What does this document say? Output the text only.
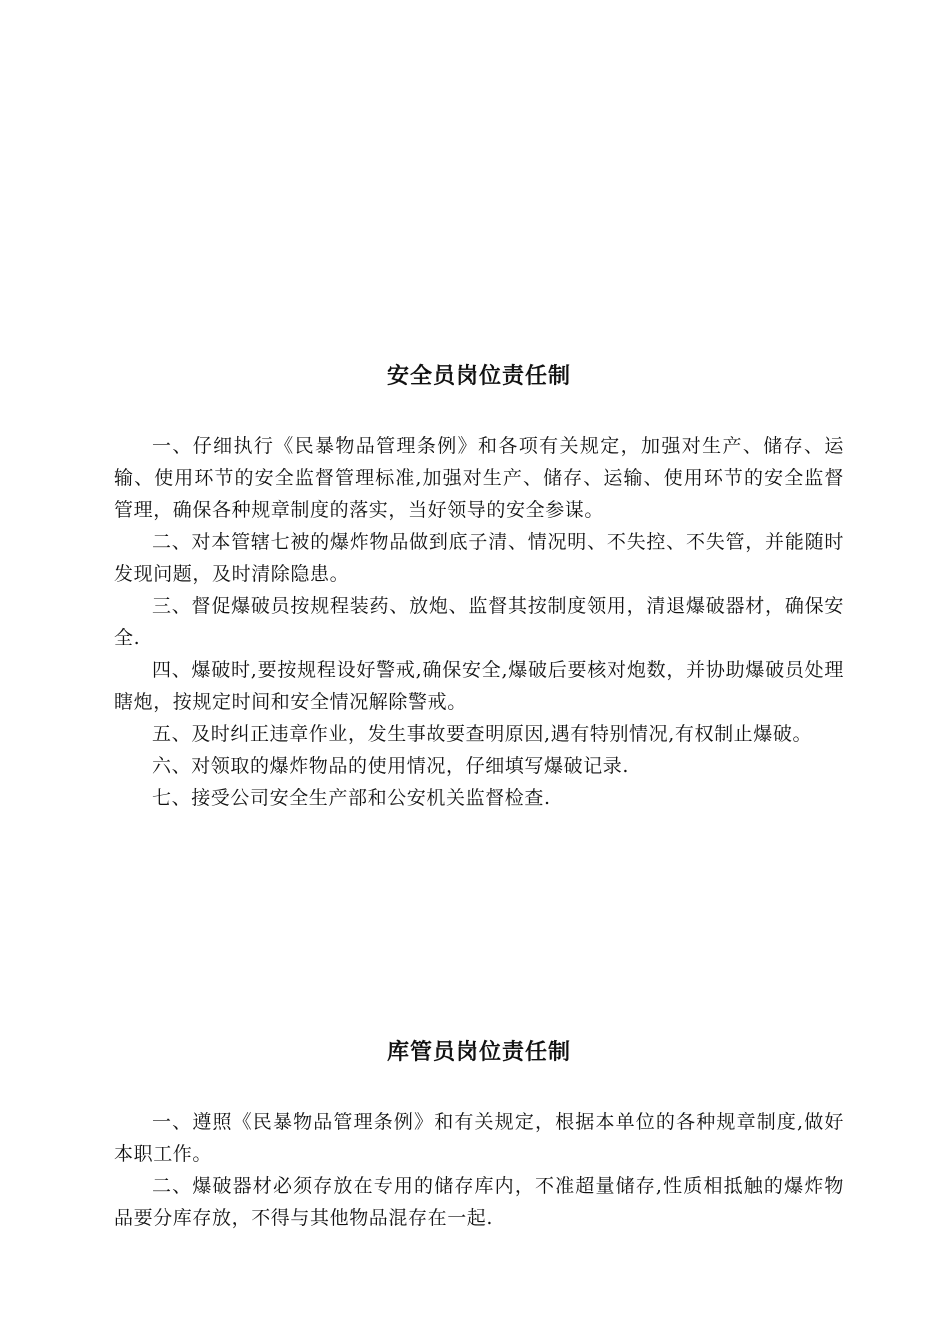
安全员岗位责任制

一、仔细执行《民暴物品管理条例》和各项有关规定，加强对生产、储存、运输、使用环节的安全监督管理标准,加强对生产、储存、运输、使用环节的安全监督管理，确保各种规章制度的落实，当好领导的安全参谋。

二、对本管辖七被的爆炸物品做到底子清、情况明、不失控、不失管，并能随时发现问题，及时清除隐患。

三、督促爆破员按规程装药、放炮、监督其按制度领用，清退爆破器材，确保安全.

四、爆破时,要按规程设好警戒,确保安全,爆破后要核对炮数，并协助爆破员处理瞎炮，按规定时间和安全情况解除警戒。

五、及时纠正违章作业，发生事故要查明原因,遇有特别情况,有权制止爆破。

六、对领取的爆炸物品的使用情况，仔细填写爆破记录.

七、接受公司安全生产部和公安机关监督检查.

库管员岗位责任制

一、遵照《民暴物品管理条例》和有关规定，根据本单位的各种规章制度,做好本职工作。

二、爆破器材必须存放在专用的储存库内，不准超量储存,性质相抵触的爆炸物品要分库存放，不得与其他物品混存在一起.
